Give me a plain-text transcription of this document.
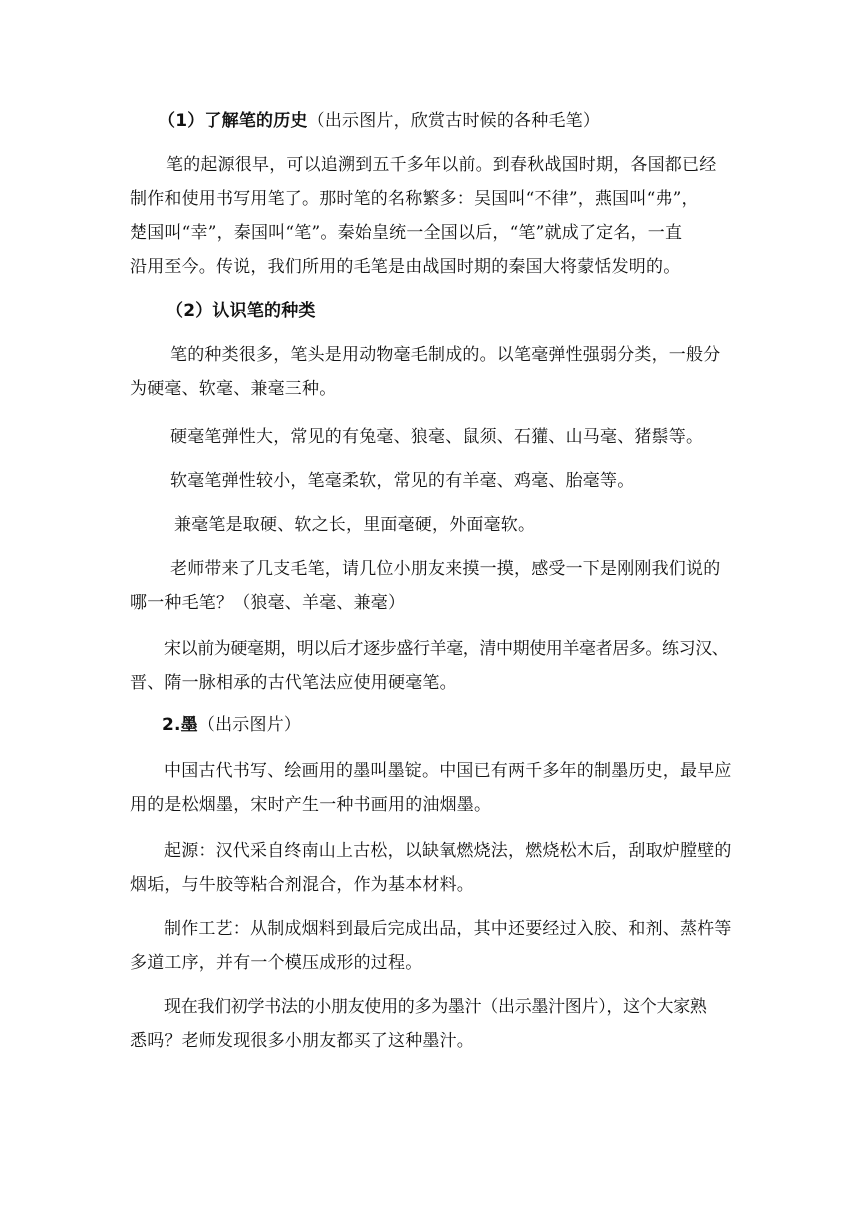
（1）了解笔的历史（出示图片，欣赏古时候的各种毛笔）

笔的起源很早，可以追溯到五千多年以前。到春秋战国时期，各国都已经
制作和使用书写用笔了。那时笔的名称繁多：吴国叫“不律”，燕国叫“弗”，
楚国叫“幸”，秦国叫“笔”。秦始皇统一全国以后，“笔”就成了定名，一直
沿用至今。传说，我们所用的毛笔是由战国时期的秦国大将蒙恬发明的。

（2）认识笔的种类

笔的种类很多，笔头是用动物毫毛制成的。以笔毫弹性强弱分类，一般分
为硬毫、软毫、兼毫三种。

硬毫笔弹性大，常见的有兔毫、狼毫、鼠须、石獾、山马毫、猪鬃等。

软毫笔弹性较小，笔毫柔软，常见的有羊毫、鸡毫、胎毫等。

兼毫笔是取硬、软之长，里面毫硬，外面毫软。

老师带来了几支毛笔，请几位小朋友来摸一摸，感受一下是刚刚我们说的
哪一种毛笔？（狼毫、羊毫、兼毫）

宋以前为硬毫期，明以后才逐步盛行羊毫，清中期使用羊毫者居多。练习汉、
晋、隋一脉相承的古代笔法应使用硬毫笔。

2.墨（出示图片）

中国古代书写、绘画用的墨叫墨锭。中国已有两千多年的制墨历史，最早应
用的是松烟墨，宋时产生一种书画用的油烟墨。

起源：汉代采自终南山上古松，以缺氧燃烧法，燃烧松木后，刮取炉膛壁的
烟垢，与牛胶等粘合剂混合，作为基本材料。

制作工艺：从制成烟料到最后完成出品，其中还要经过入胶、和剂、蒸杵等
多道工序，并有一个模压成形的过程。

现在我们初学书法的小朋友使用的多为墨汁（出示墨汁图片），这个大家熟
悉吗？老师发现很多小朋友都买了这种墨汁。
